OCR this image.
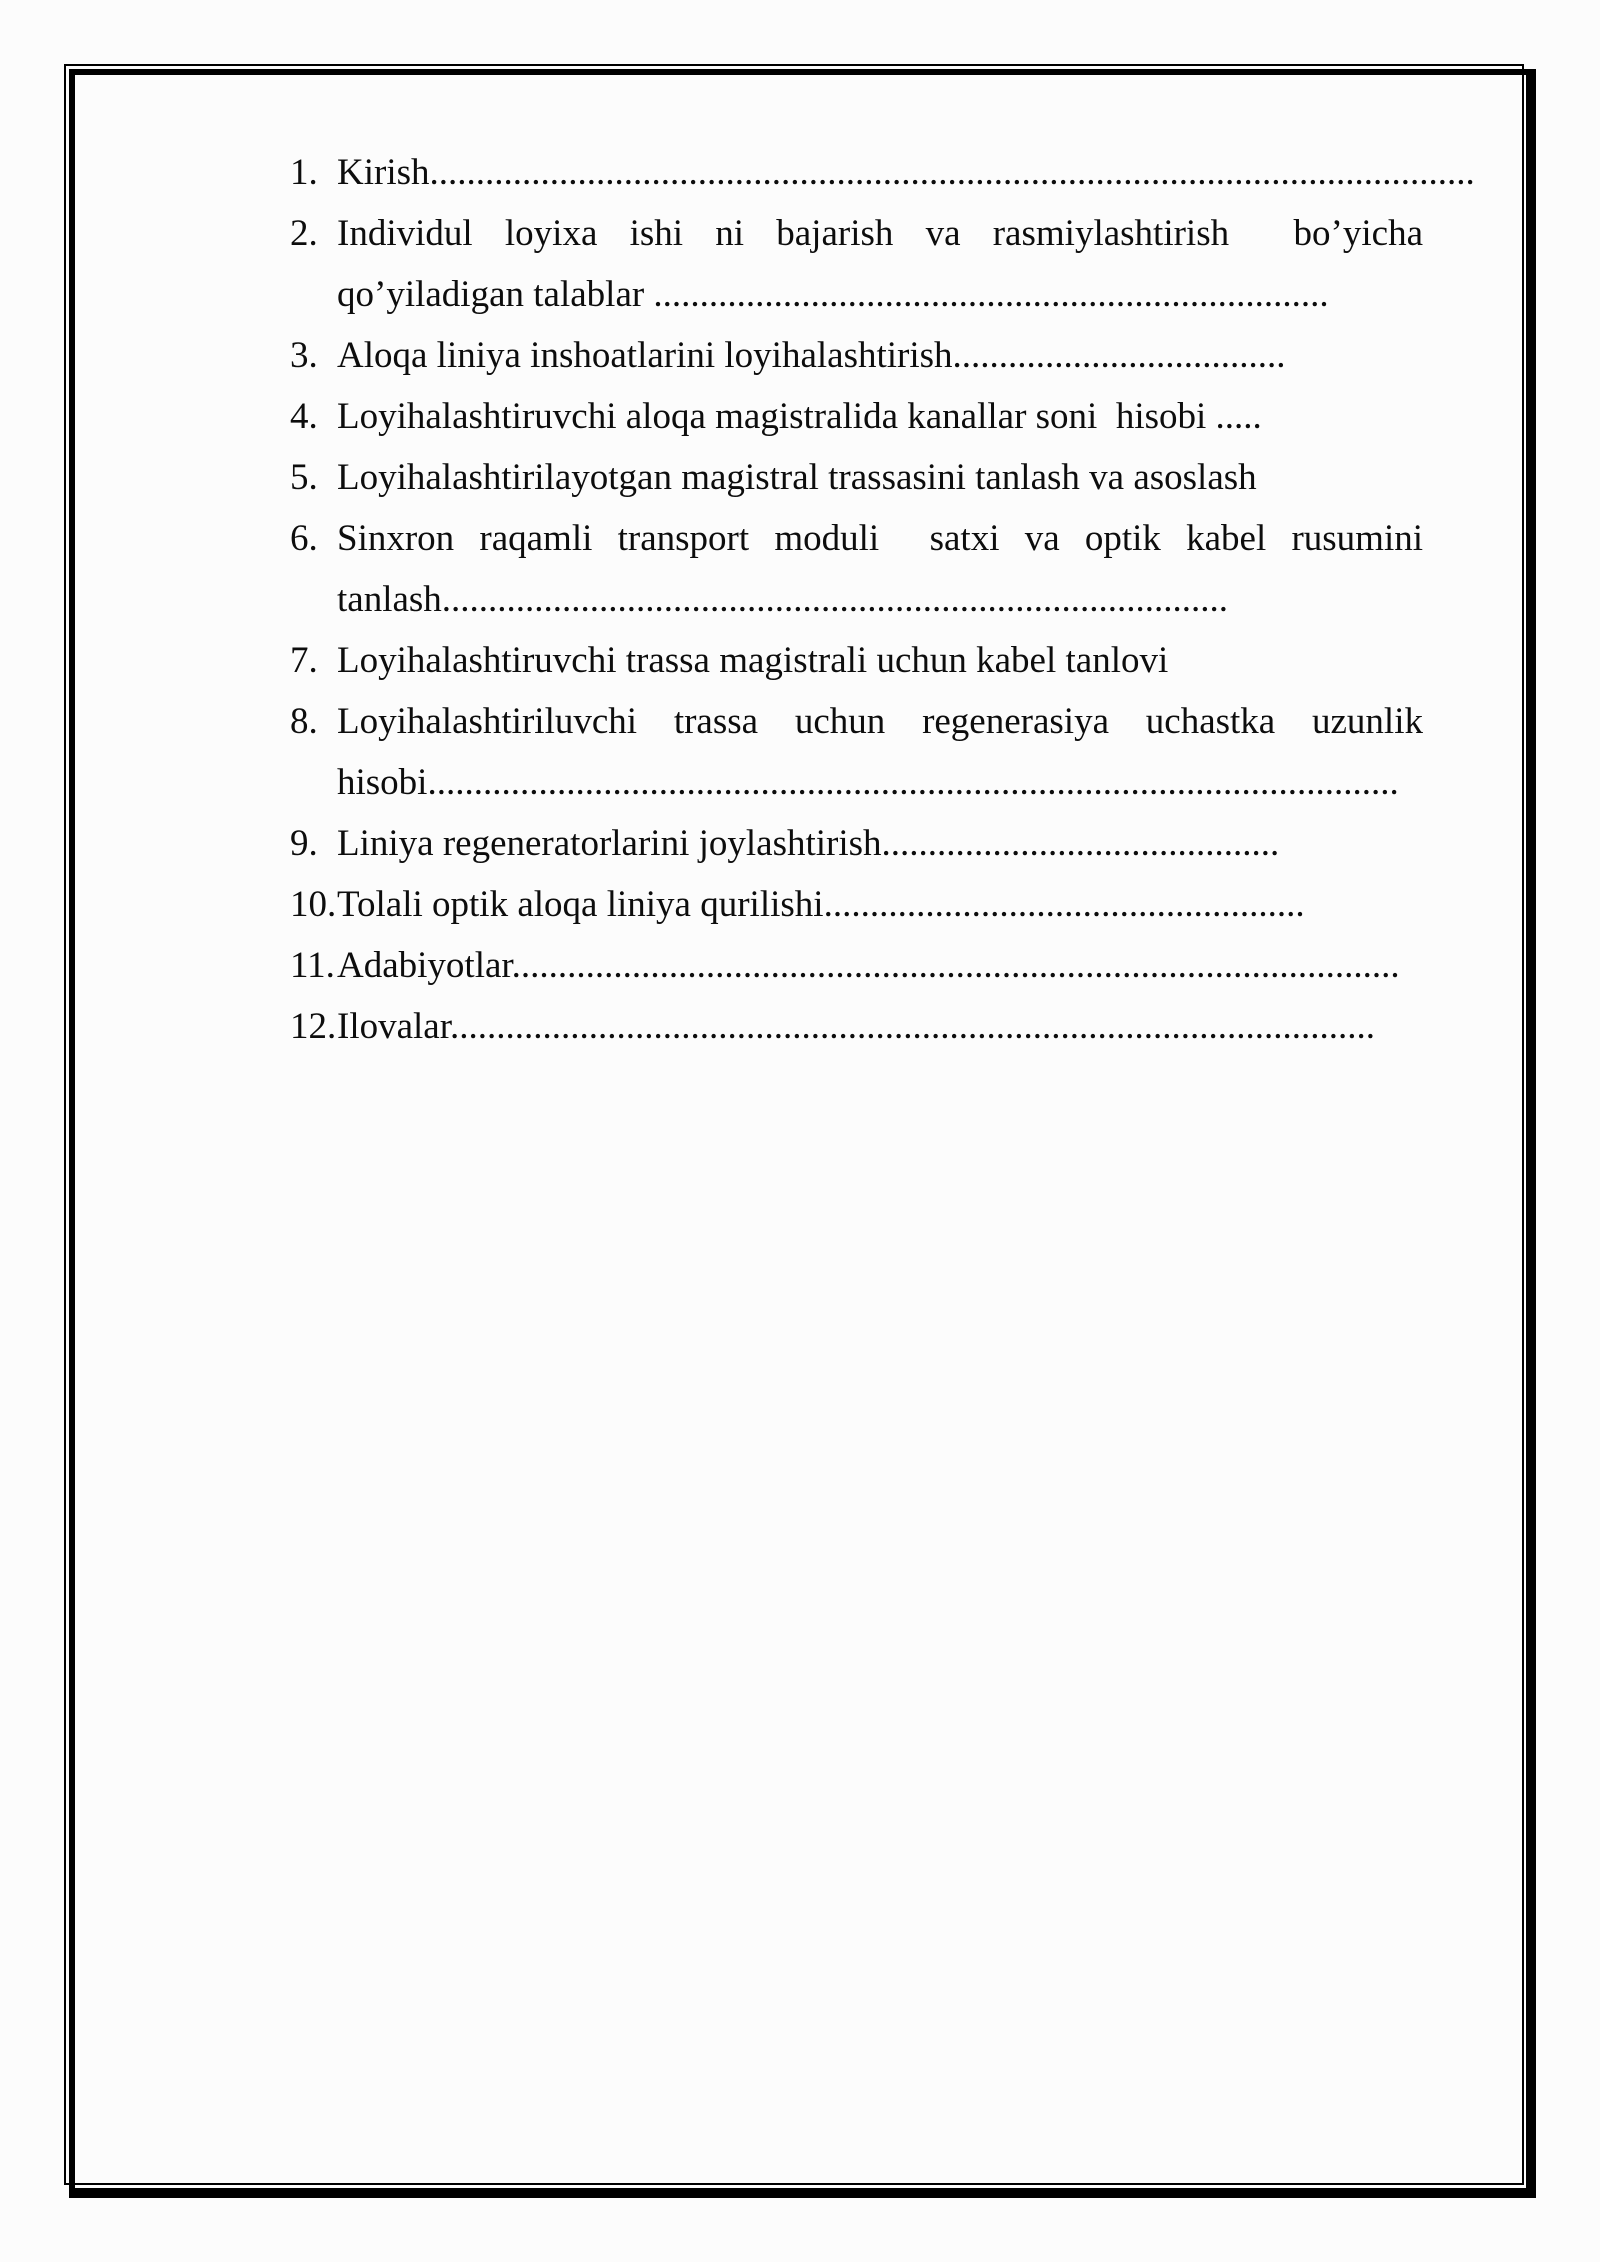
1. Kirish.................................................................................................................
2. Individul loyixa ishi ni bajarish va rasmiylashtirish  bo’yicha
qo’yiladigan talablar .........................................................................
3. Aloqa liniya inshoatlarini loyihalashtirish....................................
4. Loyihalashtiruvchi aloqa magistralida kanallar soni  hisobi .....
5. Loyihalashtirilayotgan magistral trassasini tanlash va asoslash
6. Sinxron raqamli transport moduli  satxi va optik kabel rusumini
tanlash.....................................................................................
7. Loyihalashtiruvchi trassa magistrali uchun kabel tanlovi
8. Loyihalashtiriluvchi trassa uchun regenerasiya uchastka uzunlik
hisobi.........................................................................................................
9. Liniya regeneratorlarini joylashtirish...........................................
10. Tolali optik aloqa liniya qurilishi....................................................
11. Adabiyotlar................................................................................................
12. Ilovalar....................................................................................................
